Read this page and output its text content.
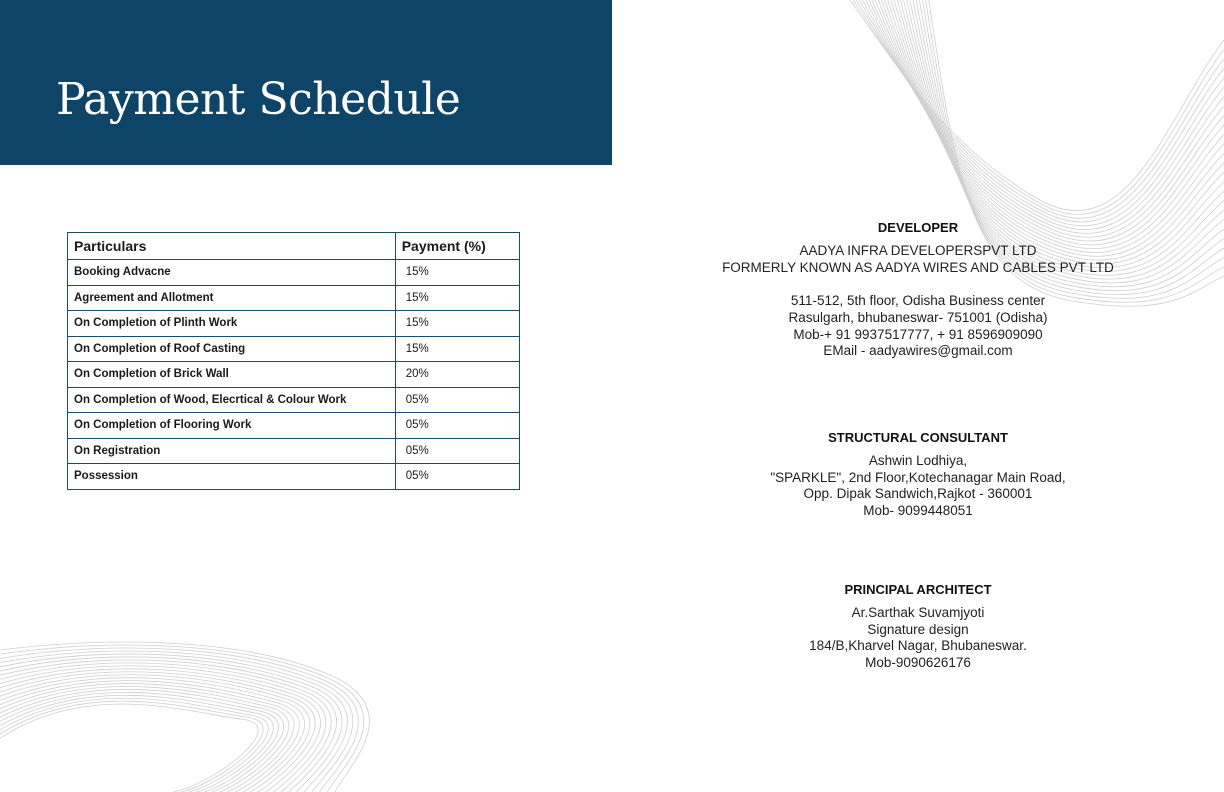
Payment Schedule
Particulars	Payment (%)
Booking Advacne	15%
Agreement and Allotment	15%
On Completion of Plinth Work	15%
On Completion of Roof Casting	15%
On Completion of Brick Wall	20%
On Completion of Wood, Elecrtical & Colour Work	05%
On Completion of Flooring Work	05%
On Registration	05%
Possession	05%
DEVELOPER
AADYA INFRA DEVELOPERSPVT LTD
FORMERLY KNOWN AS AADYA WIRES AND CABLES PVT LTD
511-512, 5th floor, Odisha Business center
Rasulgarh, bhubaneswar- 751001 (Odisha)
Mob-+ 91 9937517777, + 91 8596909090
EMail - aadyawires@gmail.com
STRUCTURAL CONSULTANT
Ashwin Lodhiya,
"SPARKLE", 2nd Floor,Kotechanagar Main Road,
Opp. Dipak Sandwich,Rajkot - 360001
Mob- 9099448051
PRINCIPAL ARCHITECT
Ar.Sarthak Suvamjyoti
Signature design
184/B,Kharvel Nagar, Bhubaneswar.
Mob-9090626176
